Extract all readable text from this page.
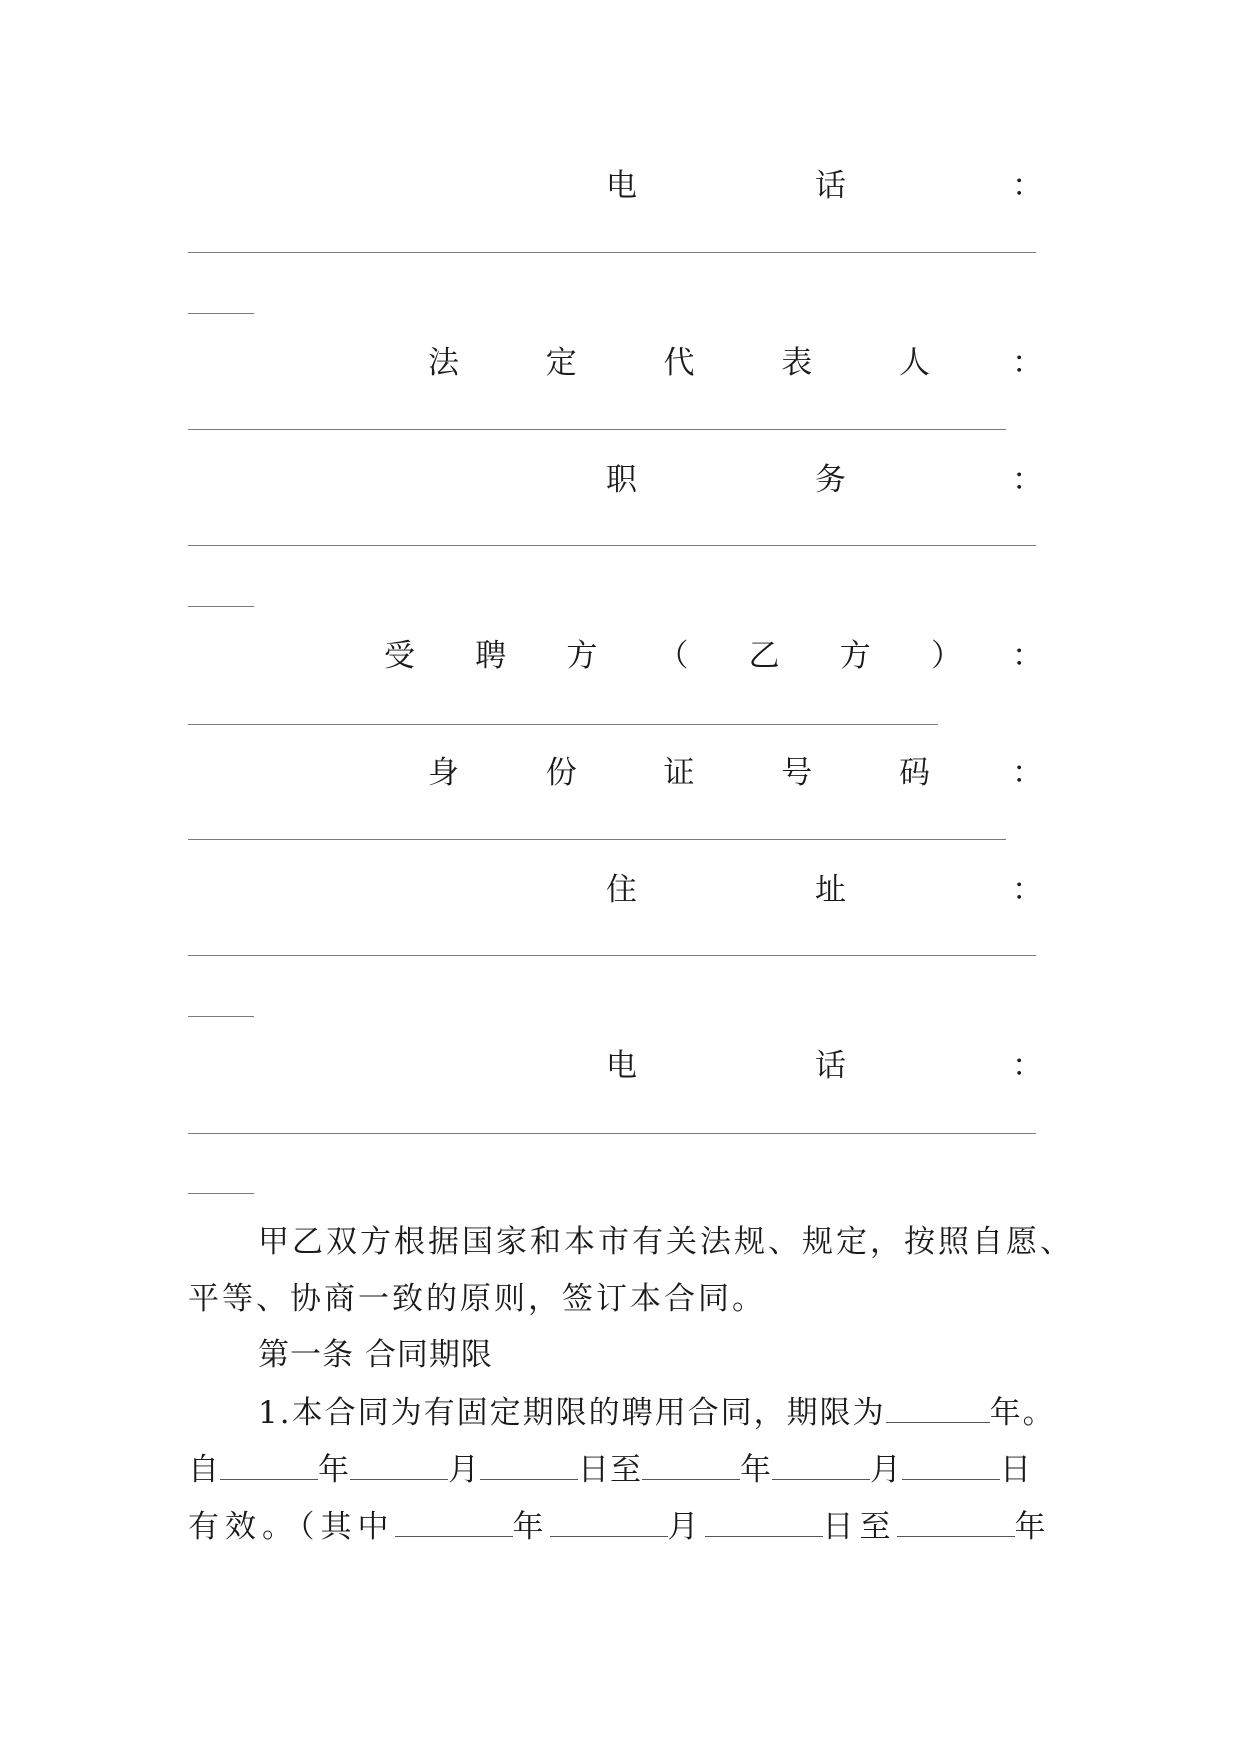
电	话	：
法	定	代	表	人	：
职	务	：
受 聘 方 （ 乙 方 ） ：
身	份	证	号	码	：
住	址	：
电	话	：
甲乙双方根据国家和本市有关法规、规定，按照自愿、
平等、协商一致的原则，签订本合同。
第一条 合同期限
1.本合同为有固定期限的聘用合同，期限为	年。
自	年	月	日至	年	月	日
有效。（其中	年	月	日至	年
